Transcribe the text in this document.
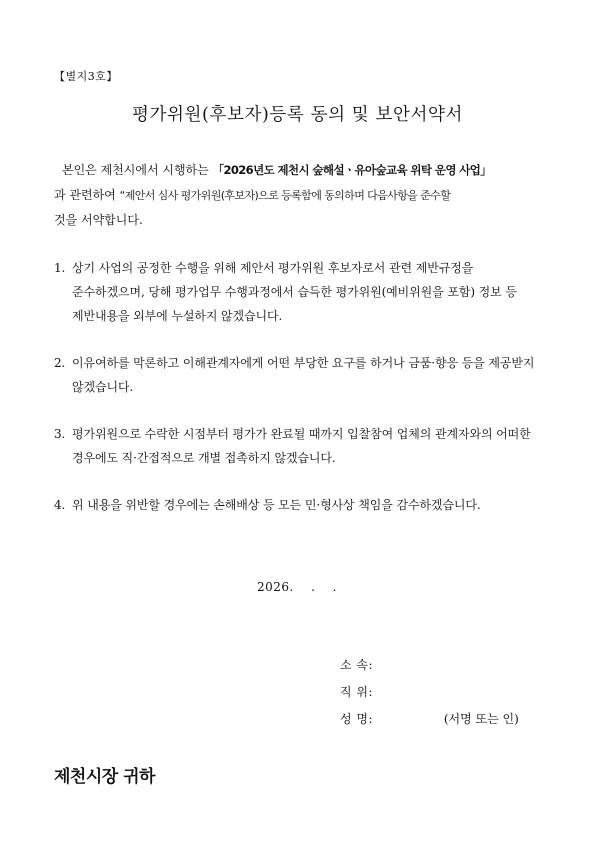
【별지3호】
평가위원(후보자)등록 동의 및 보안서약서
본인은 제천시에서 시행하는 「2026년도 제천시 숲해설ㆍ유아숲교육 위탁 운영 사업」
과 관련하여 “제안서 심사 평가위원(후보자)으로 등록함에 동의하며 다음사항을 준수할
것을 서약합니다.
1. 상기 사업의 공정한 수행을 위해 제안서 평가위원 후보자로서 관련 제반규정을 준수하겠으며, 당해 평가업무 수행과정에서 습득한 평가위원(예비위원을 포함) 정보 등 제반내용을 외부에 누설하지 않겠습니다.
2. 이유여하를 막론하고 이해관계자에게 어떤 부당한 요구를 하거나 금품·향응 등을 제공받지 않겠습니다.
3. 평가위원으로 수락한 시점부터 평가가 완료될 때까지 입찰참여 업체의 관계자와의 어떠한 경우에도 직·간접적으로 개별 접촉하지 않겠습니다.
4. 위 내용을 위반할 경우에는 손해배상 등 모든 민·형사상 책임을 감수하겠습니다.
2026.    .    .
소 속:
직 위:
성 명:	(서명 또는 인)
제천시장 귀하
